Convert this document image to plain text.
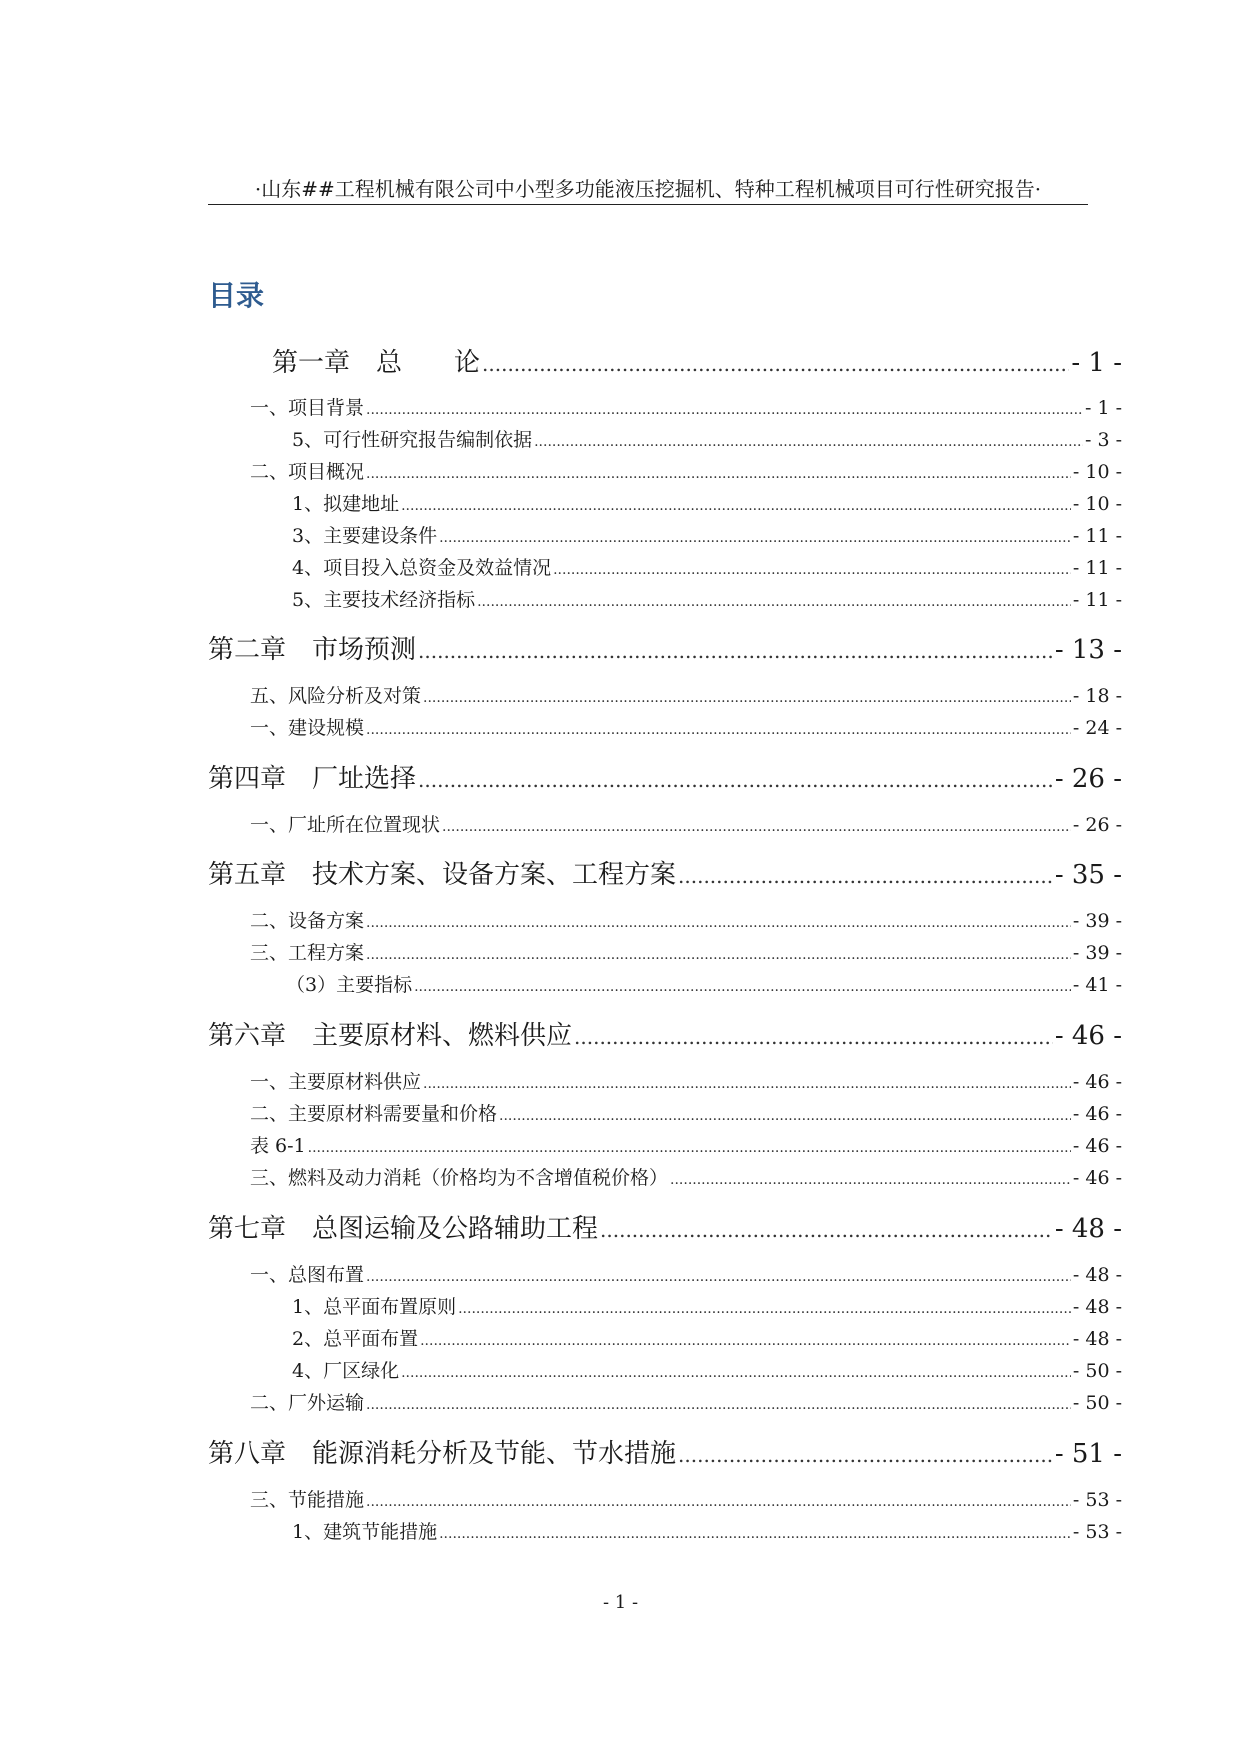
·山东##工程机械有限公司中小型多功能液压挖掘机、特种工程机械项目可行性研究报告·
目录
第一章　总　　论 .....	- 1 -
一、项目背景 .....	- 1 -
5、可行性研究报告编制依据 .....	- 3 -
二、项目概况 .....	- 10 -
1、拟建地址 .....	- 10 -
3、主要建设条件 .....	- 11 -
4、项目投入总资金及效益情况 .....	- 11 -
5、主要技术经济指标 .....	- 11 -
第二章　市场预测 .....	- 13 -
五、风险分析及对策 .....	- 18 -
一、建设规模 .....	- 24 -
第四章　厂址选择 .....	- 26 -
一、厂址所在位置现状 .....	- 26 -
第五章　技术方案、设备方案、工程方案 .....	- 35 -
二、设备方案 .....	- 39 -
三、工程方案 .....	- 39 -
（3）主要指标 .....	- 41 -
第六章　主要原材料、燃料供应 .....	- 46 -
一、主要原材料供应 .....	- 46 -
二、主要原材料需要量和价格 .....	- 46 -
表 6-1 .....	- 46 -
三、燃料及动力消耗（价格均为不含增值税价格） .....	- 46 -
第七章　总图运输及公路辅助工程 .....	- 48 -
一、总图布置 .....	- 48 -
1、总平面布置原则 .....	- 48 -
2、总平面布置 .....	- 48 -
4、厂区绿化 .....	- 50 -
二、厂外运输 .....	- 50 -
第八章　能源消耗分析及节能、节水措施 .....	- 51 -
三、节能措施 .....	- 53 -
1、建筑节能措施 .....	- 53 -
- 1 -
